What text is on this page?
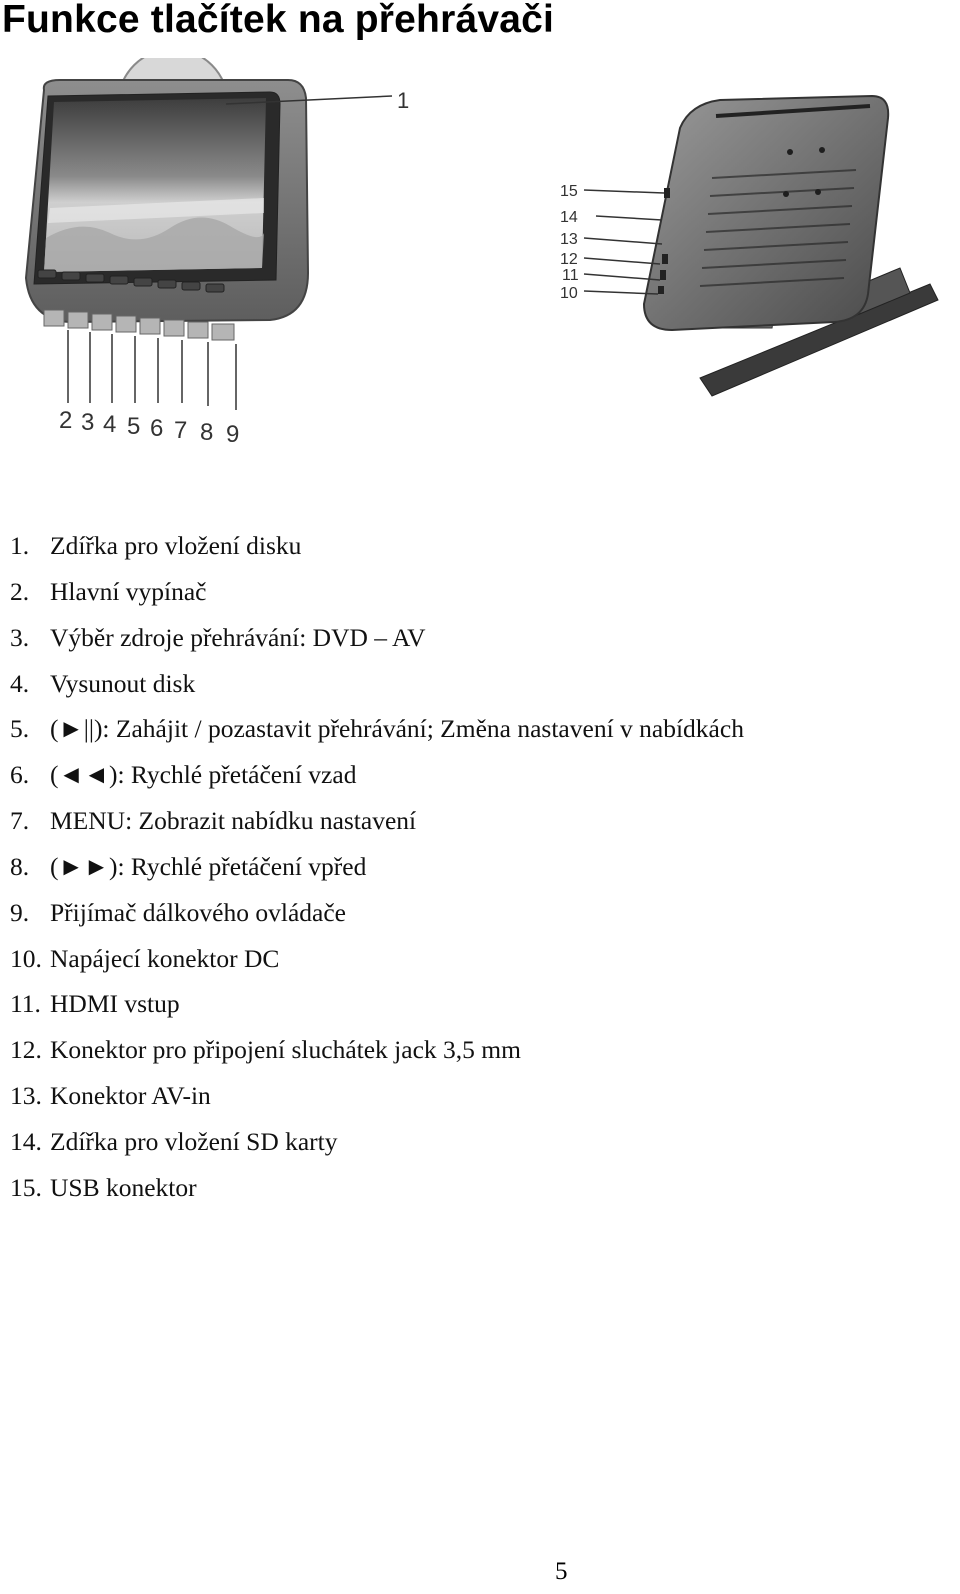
Funkce tlačítek na přehrávači
1
2 3 4 5 6 7 8 9
15
14
13
12
11
10
1. Zdířka pro vložení disku
2. Hlavní vypínač
3. Výběr zdroje přehrávání: DVD – AV
4. Vysunout disk
5. (►||): Zahájit / pozastavit přehrávání; Změna nastavení v nabídkách
6. (◄◄): Rychlé přetáčení vzad
7. MENU: Zobrazit nabídku nastavení
8. (►►): Rychlé přetáčení vpřed
9. Přijímač dálkového ovládače
10. Napájecí konektor DC
11. HDMI vstup
12. Konektor pro připojení sluchátek jack 3,5 mm
13. Konektor AV-in
14. Zdířka pro vložení SD karty
15. USB konektor
5
